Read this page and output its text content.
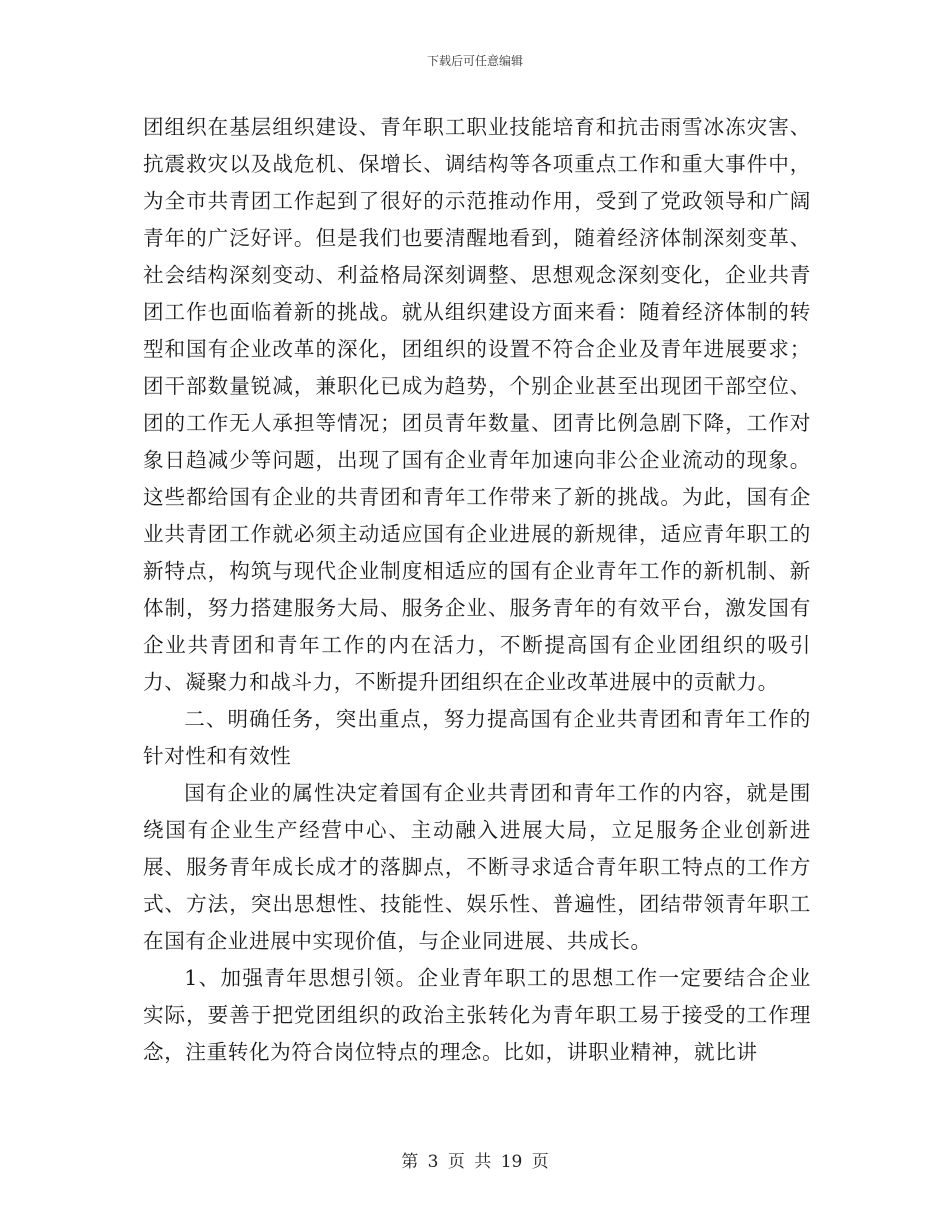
下载后可任意编辑

团组织在基层组织建设、青年职工职业技能培育和抗击雨雪冰冻灾害、抗震救灾以及战危机、保增长、调结构等各项重点工作和重大事件中，为全市共青团工作起到了很好的示范推动作用，受到了党政领导和广阔青年的广泛好评。但是我们也要清醒地看到，随着经济体制深刻变革、社会结构深刻变动、利益格局深刻调整、思想观念深刻变化，企业共青团工作也面临着新的挑战。就从组织建设方面来看：随着经济体制的转型和国有企业改革的深化，团组织的设置不符合企业及青年进展要求；团干部数量锐减，兼职化已成为趋势，个别企业甚至出现团干部空位、团的工作无人承担等情况；团员青年数量、团青比例急剧下降，工作对象日趋减少等问题，出现了国有企业青年加速向非公企业流动的现象。这些都给国有企业的共青团和青年工作带来了新的挑战。为此，国有企业共青团工作就必须主动适应国有企业进展的新规律，适应青年职工的新特点，构筑与现代企业制度相适应的国有企业青年工作的新机制、新体制，努力搭建服务大局、服务企业、服务青年的有效平台，激发国有企业共青团和青年工作的内在活力，不断提高国有企业团组织的吸引力、凝聚力和战斗力，不断提升团组织在企业改革进展中的贡献力。

二、明确任务，突出重点，努力提高国有企业共青团和青年工作的针对性和有效性

国有企业的属性决定着国有企业共青团和青年工作的内容，就是围绕国有企业生产经营中心、主动融入进展大局，立足服务企业创新进展、服务青年成长成才的落脚点，不断寻求适合青年职工特点的工作方式、方法，突出思想性、技能性、娱乐性、普遍性，团结带领青年职工在国有企业进展中实现价值，与企业同进展、共成长。

1、加强青年思想引领。企业青年职工的思想工作一定要结合企业实际，要善于把党团组织的政治主张转化为青年职工易于接受的工作理念，注重转化为符合岗位特点的理念。比如，讲职业精神，就比讲

第 3 页 共 19 页
